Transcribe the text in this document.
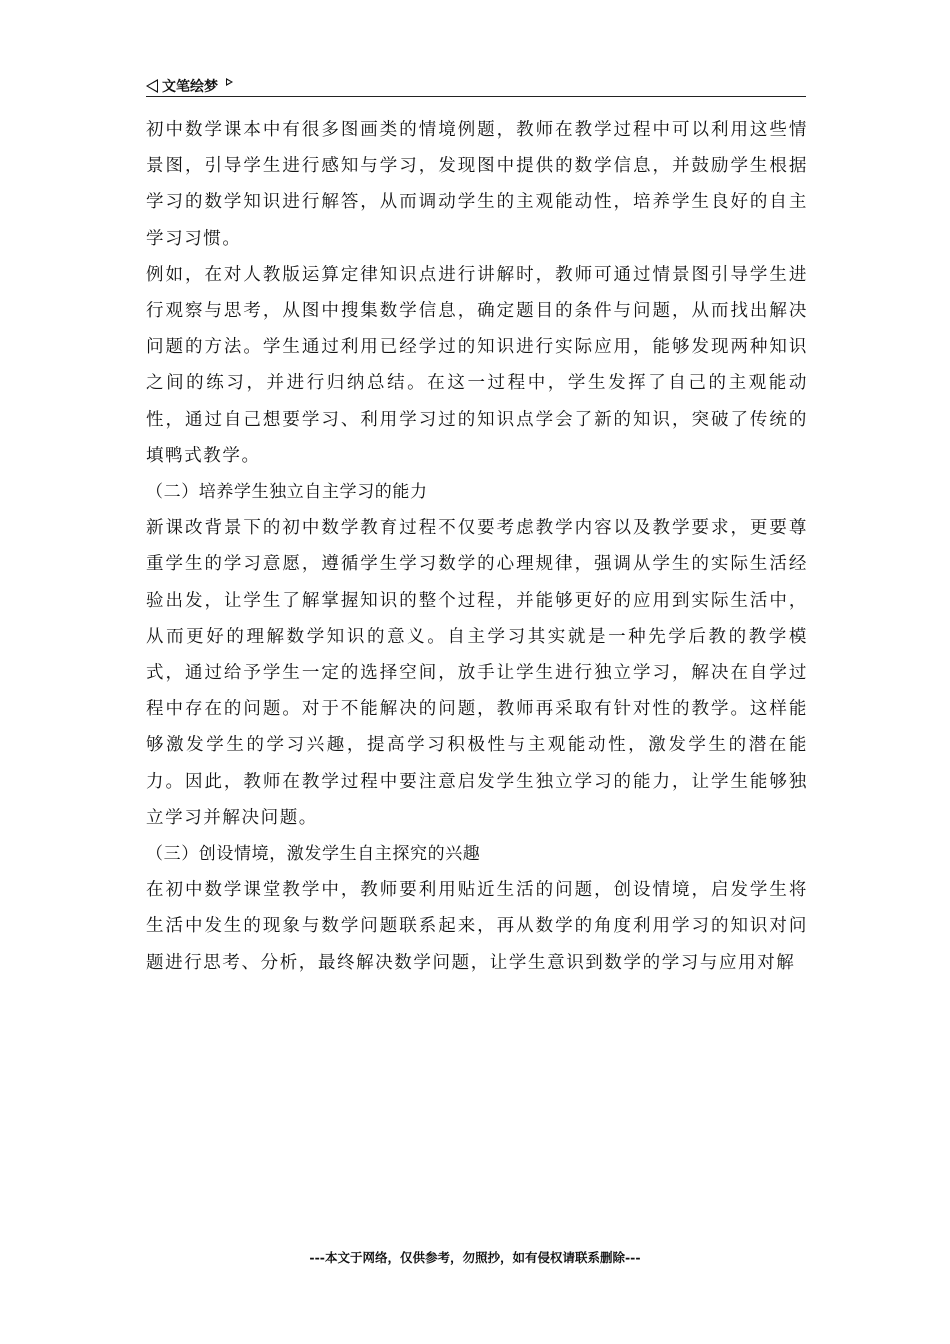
文笔绘梦

初中数学课本中有很多图画类的情境例题，教师在教学过程中可以利用这些情景图，引导学生进行感知与学习，发现图中提供的数学信息，并鼓励学生根据学习的数学知识进行解答，从而调动学生的主观能动性，培养学生良好的自主学习习惯。

例如，在对人教版运算定律知识点进行讲解时，教师可通过情景图引导学生进行观察与思考，从图中搜集数学信息，确定题目的条件与问题，从而找出解决问题的方法。学生通过利用已经学过的知识进行实际应用，能够发现两种知识之间的练习，并进行归纳总结。在这一过程中，学生发挥了自己的主观能动性，通过自己想要学习、利用学习过的知识点学会了新的知识，突破了传统的填鸭式教学。

（二）培养学生独立自主学习的能力

新课改背景下的初中数学教育过程不仅要考虑教学内容以及教学要求，更要尊重学生的学习意愿，遵循学生学习数学的心理规律，强调从学生的实际生活经验出发，让学生了解掌握知识的整个过程，并能够更好的应用到实际生活中，从而更好的理解数学知识的意义。自主学习其实就是一种先学后教的教学模式，通过给予学生一定的选择空间，放手让学生进行独立学习，解决在自学过程中存在的问题。对于不能解决的问题，教师再采取有针对性的教学。这样能够激发学生的学习兴趣，提高学习积极性与主观能动性，激发学生的潜在能力。因此，教师在教学过程中要注意启发学生独立学习的能力，让学生能够独立学习并解决问题。

（三）创设情境，激发学生自主探究的兴趣

在初中数学课堂教学中，教师要利用贴近生活的问题，创设情境，启发学生将生活中发生的现象与数学问题联系起来，再从数学的角度利用学习的知识对问题进行思考、分析，最终解决数学问题，让学生意识到数学的学习与应用对解

---本文于网络，仅供参考，勿照抄，如有侵权请联系删除---
